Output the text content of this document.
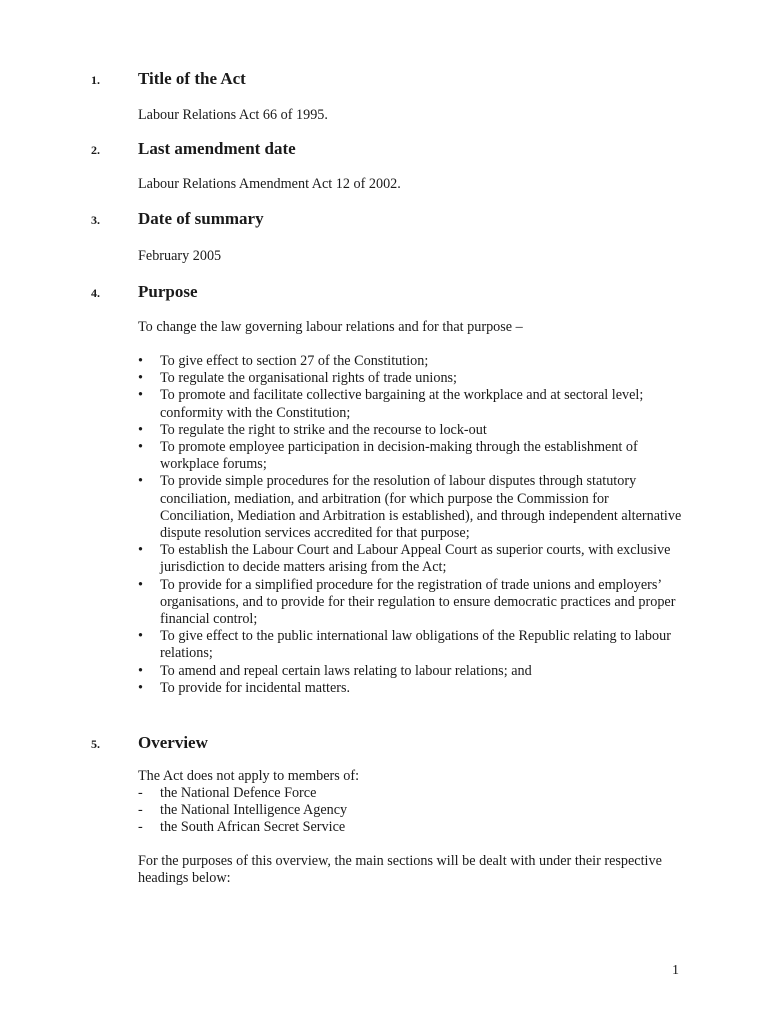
1. Title of the Act
Labour Relations Act 66 of 1995.
2. Last amendment date
Labour Relations Amendment Act 12 of 2002.
3. Date of summary
February 2005
4. Purpose
To change the law governing labour relations and for that purpose –
•	To give effect to section 27 of the Constitution;
•	To regulate the organisational rights of trade unions;
•	To promote and facilitate collective bargaining at the workplace and at sectoral level; conformity with the Constitution;
•	To regulate the right to strike and the recourse to lock-out
•	To promote employee participation in decision-making through the establishment of workplace forums;
•	To provide simple procedures for the resolution of labour disputes through statutory conciliation, mediation, and arbitration (for which purpose the Commission for Conciliation, Mediation and Arbitration is established), and through independent alternative dispute resolution services accredited for that purpose;
•	To establish the Labour Court and Labour Appeal Court as superior courts, with exclusive jurisdiction to decide matters arising from the Act;
•	To provide for a simplified procedure for the registration of trade unions and employers’ organisations, and to provide for their regulation to ensure democratic practices and proper financial control;
•	To give effect to the public international law obligations of the Republic relating to labour relations;
•	To amend and repeal certain laws relating to labour relations; and
•	To provide for incidental matters.
5. Overview
The Act does not apply to members of:
- the National Defence Force
- the National Intelligence Agency
- the South African Secret Service
For the purposes of this overview, the main sections will be dealt with under their respective headings below:
1
